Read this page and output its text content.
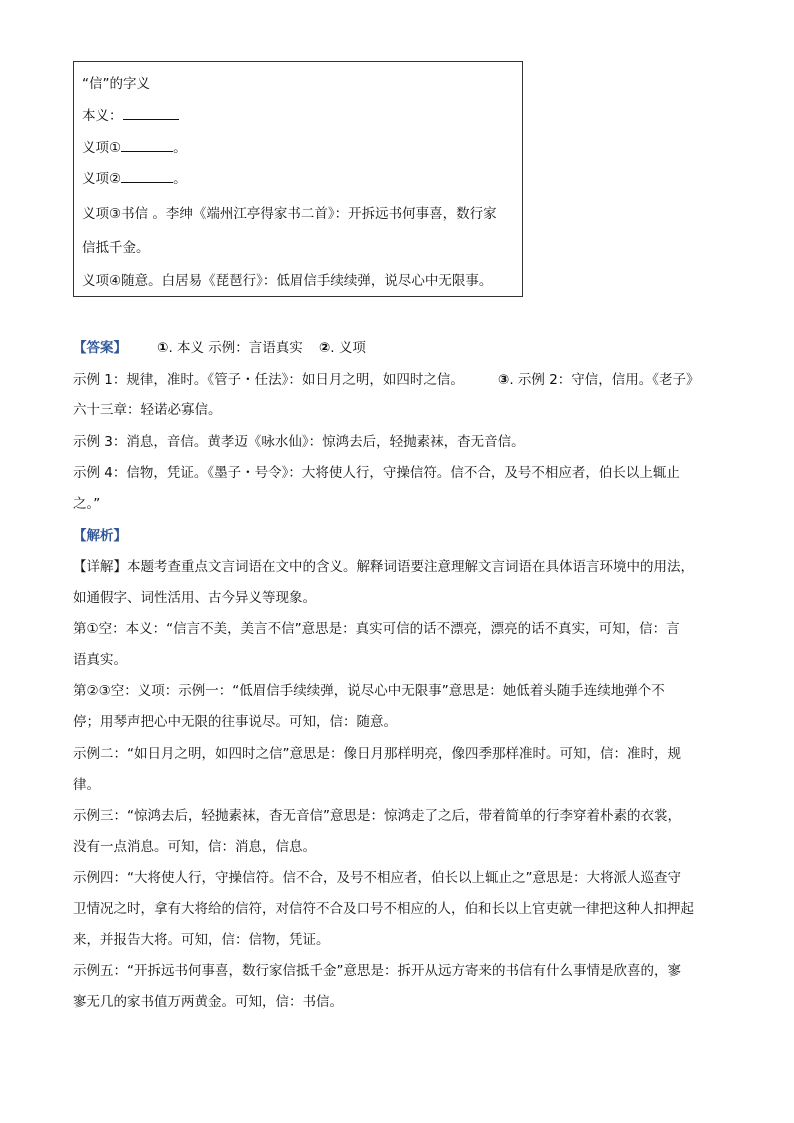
“信”的字义
本义：
义项①	。
义项②	。
义项③书信 。李绅《端州江亭得家书二首》：开拆远书何事喜，数行家
信抵千金。
义项④随意。白居易《琵琶行》：低眉信手续续弹，说尽心中无限事。
【答案】 ①. 本义 示例：言语真实 ②. 义项
示例 1：规律，准时。《管子・任法》：如日月之明，如四时之信。	③. 示例 2：守信，信用。《老子》
六十三章：轻诺必寡信。
示例 3：消息，音信。黄孝迈《咏水仙》：惊鸿去后，轻抛素袜，杳无音信。
示例 4：信物，凭证。《墨子・号令》：大将使人行，守操信符。信不合，及号不相应者，伯长以上辄止
之。”
【解析】
【详解】本题考查重点文言词语在文中的含义。解释词语要注意理解文言词语在具体语言环境中的用法，
如通假字、词性活用、古今异义等现象。
第①空：本义：“信言不美，美言不信”意思是：真实可信的话不漂亮，漂亮的话不真实，可知，信：言
语真实。
第②③空：义项：示例一：“低眉信手续续弹，说尽心中无限事”意思是：她低着头随手连续地弹个不
停；用琴声把心中无限的往事说尽。可知，信：随意。
示例二：“如日月之明，如四时之信”意思是：像日月那样明亮，像四季那样准时。可知，信：准时，规
律。
示例三：“惊鸿去后，轻抛素袜，杳无音信”意思是：惊鸿走了之后，带着简单的行李穿着朴素的衣裳，
没有一点消息。可知，信：消息，信息。
示例四：“大将使人行，守操信符。信不合，及号不相应者，伯长以上辄止之”意思是：大将派人巡查守
卫情况之时，拿有大将给的信符，对信符不合及口号不相应的人，伯和长以上官吏就一律把这种人扣押起
来，并报告大将。可知，信：信物，凭证。
示例五：“开拆远书何事喜，数行家信抵千金”意思是：拆开从远方寄来的书信有什么事情是欣喜的，寥
寥无几的家书值万两黄金。可知，信：书信。
